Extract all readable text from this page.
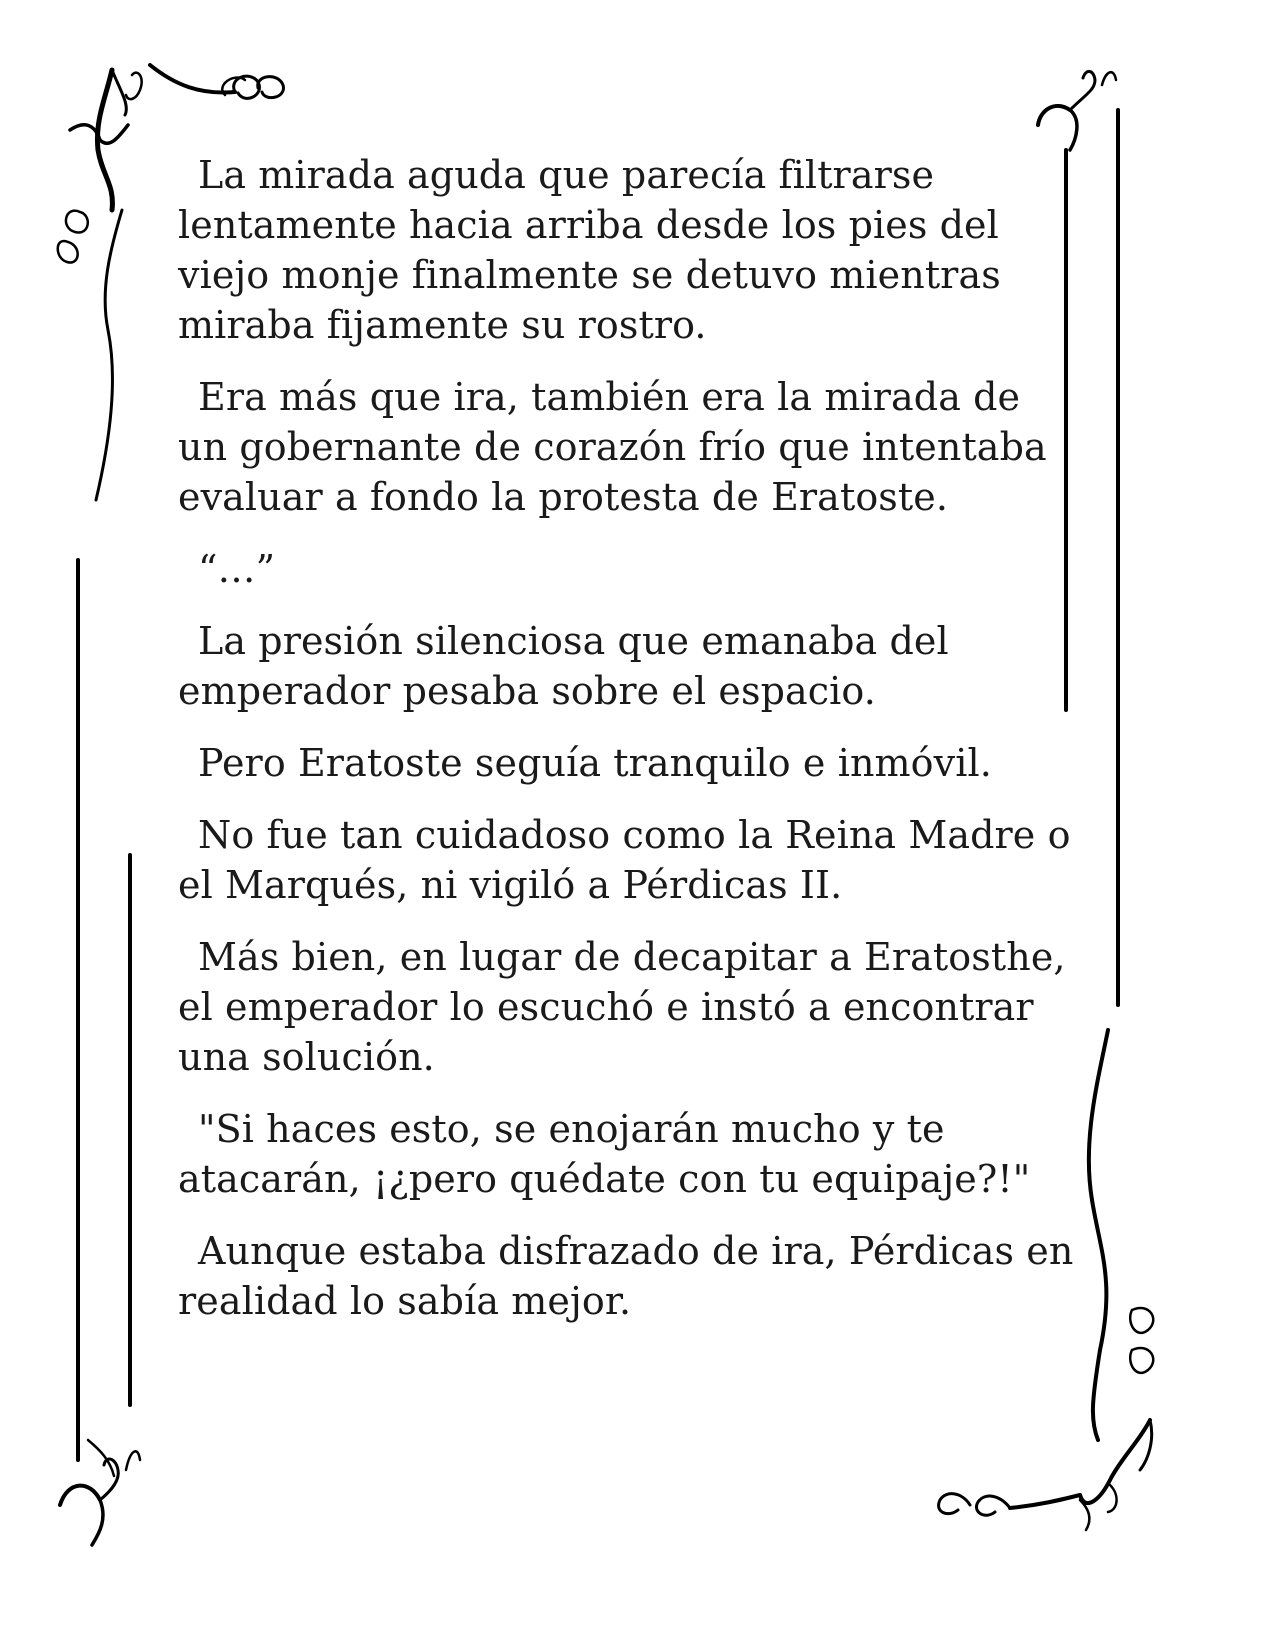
La mirada aguda que parecía filtrarse
lentamente hacia arriba desde los pies del
viejo monje finalmente se detuvo mientras
miraba fijamente su rostro.

Era más que ira, también era la mirada de
un gobernante de corazón frío que intentaba
evaluar a fondo la protesta de Eratoste.

“…”

La presión silenciosa que emanaba del
emperador pesaba sobre el espacio.

Pero Eratoste seguía tranquilo e inmóvil.

No fue tan cuidadoso como la Reina Madre o
el Marqués, ni vigiló a Pérdicas II.

Más bien, en lugar de decapitar a Eratosthe,
el emperador lo escuchó e instó a encontrar
una solución.

"Si haces esto, se enojarán mucho y te
atacarán, ¡¿pero quédate con tu equipaje?!"

Aunque estaba disfrazado de ira, Pérdicas en
realidad lo sabía mejor.
